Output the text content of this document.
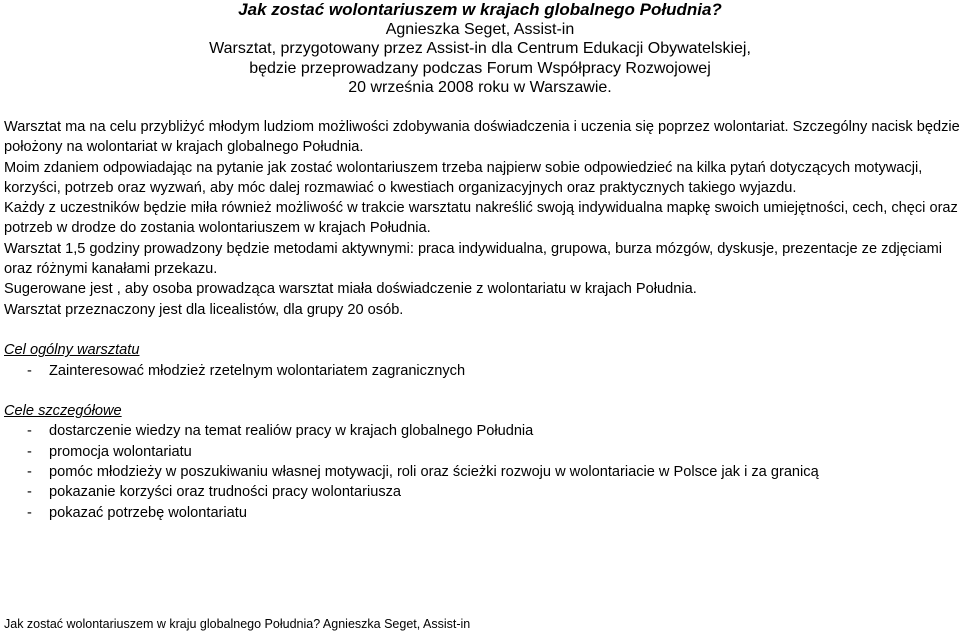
Jak zostać wolontariuszem w krajach globalnego Południa?
Agnieszka Seget, Assist-in
Warsztat, przygotowany przez Assist-in dla Centrum Edukacji Obywatelskiej,
będzie przeprowadzany podczas Forum Współpracy Rozwojowej
20 września 2008 roku w Warszawie.

Warsztat ma na celu przybliżyć młodym ludziom możliwości zdobywania doświadczenia i uczenia się poprzez wolontariat. Szczególny nacisk będzie położony na wolontariat w krajach globalnego Południa.

Moim zdaniem odpowiadając na pytanie jak zostać wolontariuszem trzeba najpierw sobie odpowiedzieć na kilka pytań dotyczących motywacji, korzyści, potrzeb oraz wyzwań, aby móc dalej rozmawiać o kwestiach organizacyjnych oraz praktycznych takiego wyjazdu.

Każdy z uczestników będzie miła również możliwość w trakcie warsztatu nakreślić swoją indywidualna mapkę swoich umiejętności, cech, chęci oraz potrzeb w drodze do zostania wolontariuszem w krajach Południa.

Warsztat 1,5 godziny prowadzony będzie metodami aktywnymi: praca indywidualna, grupowa, burza mózgów, dyskusje, prezentacje ze zdjęciami oraz różnymi kanałami przekazu.

Sugerowane jest , aby osoba prowadząca warsztat miała doświadczenie z wolontariatu w krajach Południa.

Warsztat przeznaczony jest dla licealistów, dla grupy 20 osób.

Cel ogólny warsztatu

- Zainteresować młodzież rzetelnym wolontariatem zagranicznych

Cele szczegółowe

- dostarczenie wiedzy na temat realiów pracy w krajach globalnego Południa
- promocja wolontariatu
- pomóc młodzieży w poszukiwaniu własnej motywacji, roli oraz ścieżki rozwoju w wolontariacie w Polsce jak i za granicą
- pokazanie korzyści oraz trudności pracy wolontariusza
- pokazać potrzebę wolontariatu
Jak zostać wolontariuszem w kraju globalnego Południa? Agnieszka Seget, Assist-in
